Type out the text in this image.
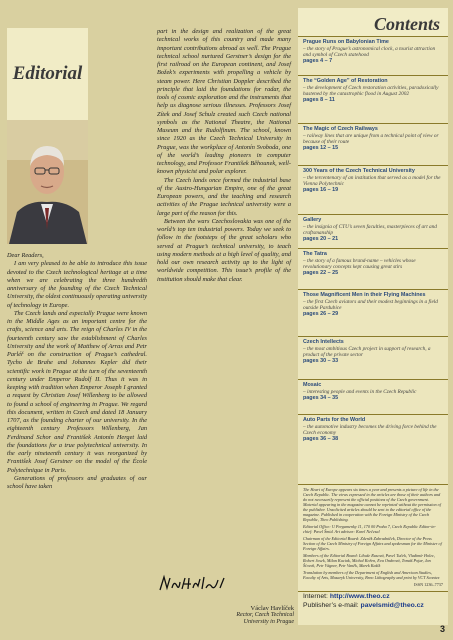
Editorial

Dear Readers,

I am very pleased to be able to introduce this issue devoted to the Czech technological heritage at a time when we are celebrating the three hundredth anniversary of the founding of the Czech Technical University, the oldest continuously operating university of technology in Europe.

The Czech lands and especially Prague were known in the Middle Ages as an important centre for the crafts, science and arts. The reign of Charles IV in the fourteenth century saw the establishment of Charles University and the work of Matthew of Arras and Petr Parléř on the construction of Prague’s cathedral. Tycho de Brahe and Johannes Kepler did their scientific work in Prague at the turn of the seventeenth century under Emperor Rudolf II. Thus it was in keeping with tradition when Emperor Joseph I granted a request by Christian Josef Willenberg to be allowed to found a school of engineering in Prague. We regard this document, written in Czech and dated 18 January 1707, as the founding charter of our university. In the eighteenth century Professors Willenberg, Jan Ferdinand Schor and František Antonín Herget laid the foundations for a true polytechnical university. In the early nineteenth century it was reorganized by František Josef Gerstner on the model of the École Polytechnique in Paris.

Generations of professors and graduates of our school have taken

part in the design and realization of the great technical works of this country and made many important contributions abroad as well. The Prague technical school nurtured Gerstner’s design for the first railroad on the European continent, and Josef Božek’s experiments with propelling a vehicle by steam power. Here Christian Doppler described the principle that laid the foundations for radar, the tools of cosmic exploration and the instruments that help us diagnose serious illnesses. Professors Josef Zítek and Josef Schulz created such Czech national symbols as the National Theatre, the National Museum and the Rudolfinum. The school, known since 1920 as the Czech Technical University in Prague, was the workplace of Antonín Svoboda, one of the world’s leading pioneers in computer technology, and Professor František Běhounek, well-known physicist and polar explorer.

The Czech lands once formed the industrial base of the Austro-Hungarian Empire, one of the great European powers, and the teaching and research activities of the Prague technical university were a large part of the reason for this.

Between the wars Czechoslovakia was one of the world’s top ten industrial powers. Today we seek to follow in the footsteps of the great scholars who served at Prague’s technical university, to teach using modern methods at a high level of quality, and hold our own research activity up to the light of worldwide competition. This issue’s profile of the institution should make that clear.

Václav Havlíček
Rector, Czech Technical
University in Prague
Contents
Prague Runs on Babylonian Time
– the story of Prague’s astronomical clock, a tourist attraction and symbol of Czech statehood
pages 4 – 7
The “Golden Age” of Restoration
– the development of Czech restoration activities, paradoxically hastened by the catastrophic flood in August 2002
pages 8 – 11
The Magic of Czech Railways
– railway lines that are unique from a technical point of view or because of their route
pages 12 – 15
300 Years of the Czech Technical University
– the tercentenary of an institution that served as a model for the Vienna Polytechnic
pages 16 – 19
Gallery
– the insignia of CTU’s seven faculties, masterpieces of art and craftsmanship
pages 20 – 21
The Tatra
– the story of a famous brand-name – vehicles whose revolutionary concepts kept causing great stirs
pages 22 – 25
Those Magnificent Men in their Flying Machines
– the first Czech aviators and their modest beginnings in a field outside Pardubice
pages 26 – 29
Czech Intellects
– the most ambitious Czech project in support of research, a product of the private sector
pages 30 – 33
Mosaic
– interesting people and events in the Czech Republic
pages 34 – 35
Auto Parts for the World
– the automotive industry becomes the driving force behind the Czech economy
pages 36 – 38

The Heart of Europe appears six times a year and presents a picture of life in the Czech Republic. The views expressed in the articles are those of their authors and do not necessarily represent the official positions of the Czech government. Material appearing in the magazine cannot be reprinted without the permission of the publisher. Unsolicited articles should be sent to the editorial office of the magazine. Published in cooperation with the Foreign Ministry of the Czech Republic, Theo Publishing.

Editorial Office: U Pergamenky 11, 170 00 Praha 7, Czech Republic Editor-in-chief: Pavel Šmid. Art advisor: Karel Nečesal

Chairman of the Editorial Board: Zdeněk Zahradníček, Director of the Press Section of the Czech Ministry of Foreign Affairs and spokesman for the Minister of Foreign Affairs.

Members of the Editorial Board: Libuše Rusová, Pavel Tuček, Vladimír Holec, Robert Josek, Milan Kuciak, Michal Kořen, Eva Ondrová, Tomáš Pojar, Jan Šťovek, Petr Vágner, Petr Vaněk, Marek Kašík

Translation by members of the Department of English and American Studies, Faculty of Arts, Masaryk University, Brno Lithography and print by VCT Scontex

ISSN 1236–7737
Internet: http://www.theo.cz
Publisher’s e-mail: pavelsmid@theo.cz
3
